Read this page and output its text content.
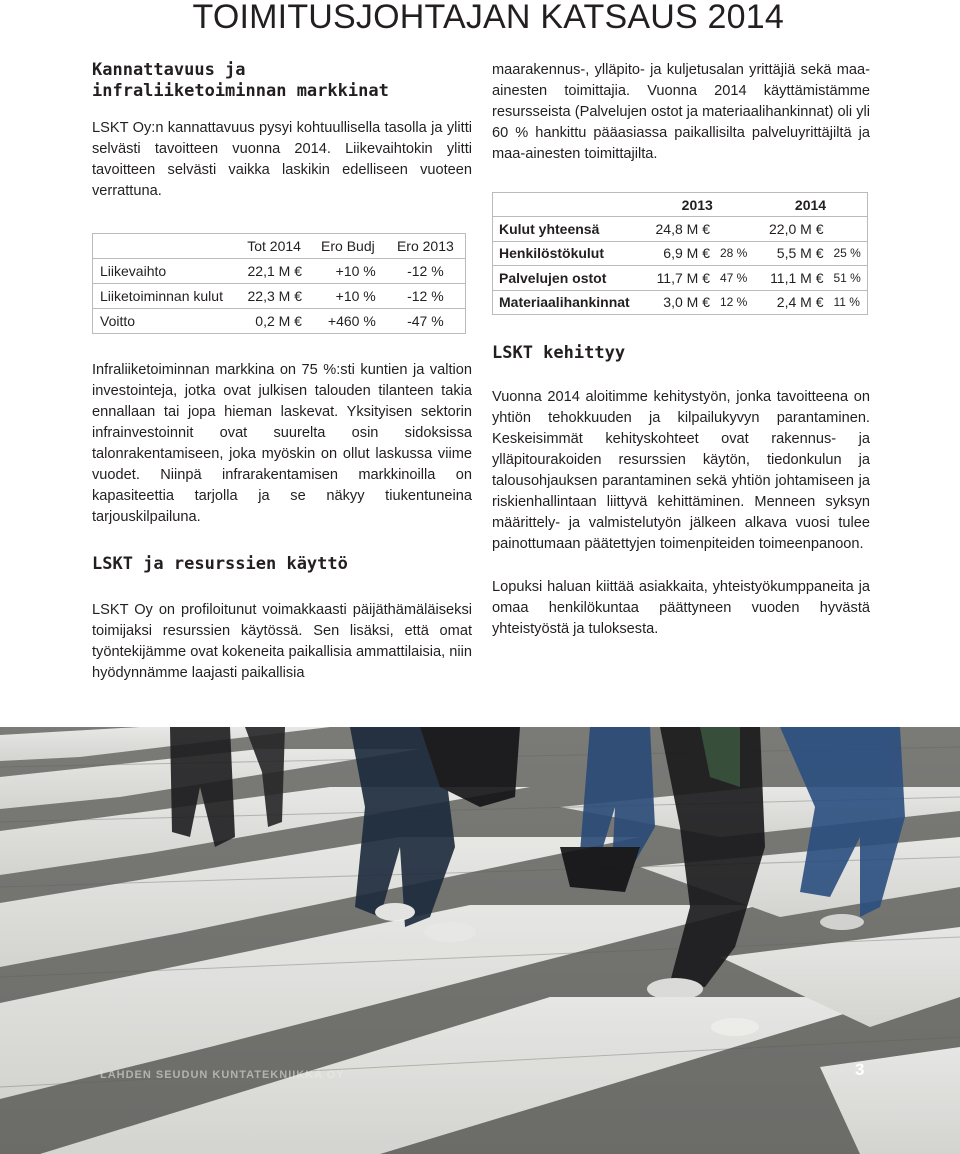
TOIMITUSJOHTAJAN KATSAUS 2014
Kannattavuus ja
infraliiketoiminnan markkinat

LSKT Oy:n kannattavuus pysyi kohtuullisella tasolla ja ylitti selvästi tavoitteen vuonna 2014. Liikevaihtokin ylitti tavoitteen selvästi vaikka laskikin edelliseen vuoteen verrattuna.

	Tot 2014	Ero Budj	Ero 2013
Liikevaihto	22,1 M €	+10 %	-12 %
Liiketoiminnan kulut	22,3 M €	+10 %	-12 %
Voitto	0,2 M €	+460 %	-47 %

Infraliiketoiminnan markkina on 75 %:sti kuntien ja valtion investointeja, jotka ovat julkisen talouden tilanteen takia ennallaan tai jopa hieman laskevat. Yksityisen sektorin infrainvestoinnit ovat suurelta osin sidoksissa talonrakentamiseen, joka myöskin on ollut laskussa viime vuodet. Niinpä infrarakentamisen markkinoilla on kapasiteettia tarjolla ja se näkyy tiukentuneina tarjouskilpailuna.

LSKT ja resurssien käyttö

LSKT Oy on profiloitunut voimakkaasti päijäthämäläiseksi toimijaksi resurssien käytössä. Sen lisäksi, että omat työntekijämme ovat kokeneita paikallisia ammattilaisia, niin hyödynnämme laajasti paikallisia

maarakennus-, ylläpito- ja kuljetusalan yrittäjiä sekä maa-ainesten toimittajia. Vuonna 2014 käyttämistämme resursseista (Palvelujen ostot ja materiaalihankinnat) oli yli 60 % hankittu pääasiassa paikallisilta palveluyrittäjiltä ja maa-ainesten toimittajilta.

	2013		2014	
Kulut yhteensä	24,8 M €		22,0 M €	
Henkilöstökulut	6,9 M €	28 %	5,5 M €	25 %
Palvelujen ostot	11,7 M €	47 %	11,1 M €	51 %
Materiaalihankinnat	3,0 M €	12 %	2,4 M €	11 %
LSKT kehittyy

Vuonna 2014 aloitimme kehitystyön, jonka tavoitteena on yhtiön tehokkuuden ja kilpailukyvyn parantaminen. Keskeisimmät kehityskohteet ovat rakennus- ja ylläpitourakoiden resurssien käytön, tiedonkulun ja talousohjauksen parantaminen sekä yhtiön johtamiseen ja riskienhallintaan liittyvä kehittäminen. Menneen syksyn määrittely- ja valmistelutyön jälkeen alkava vuosi tulee painottumaan päätettyjen toimenpiteiden toimeenpanoon.

Lopuksi haluan kiittää asiakkaita, yhteistyökumppaneita ja omaa henkilökuntaa päättyneen vuoden hyvästä yhteistyöstä ja tuloksesta.

LAHDEN SEUDUN KUNTATEKNIIKKA OY	3
